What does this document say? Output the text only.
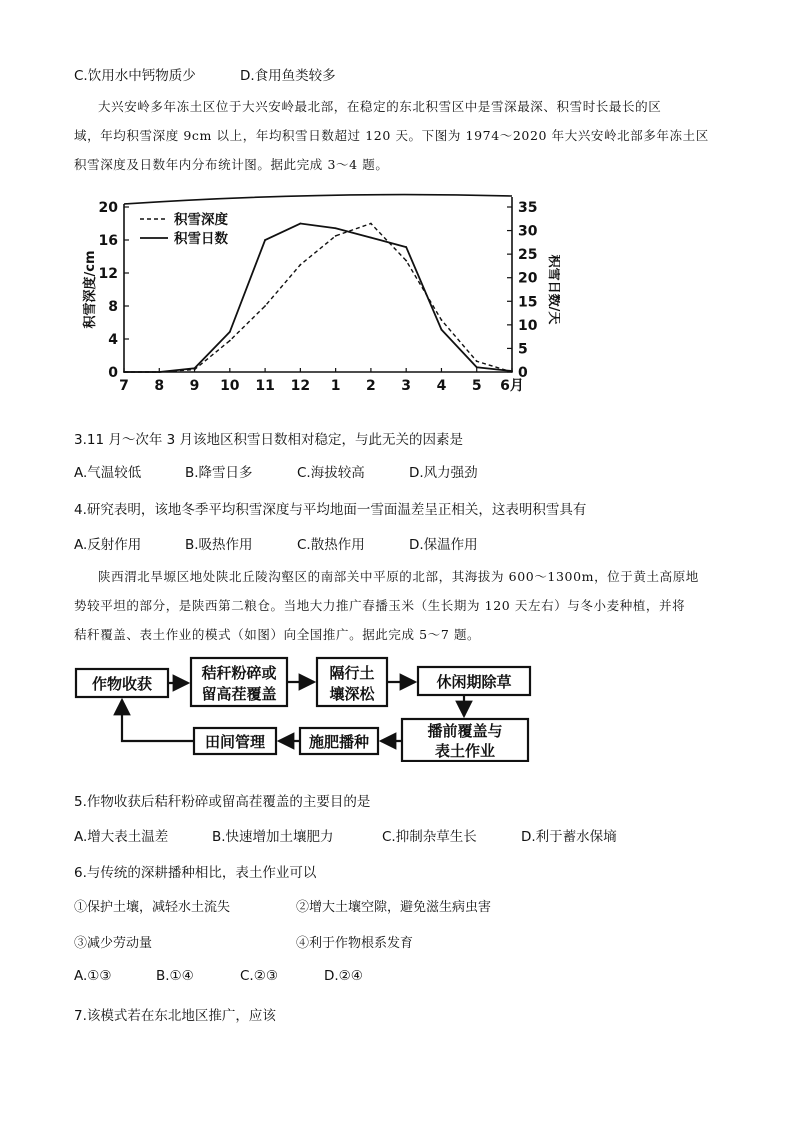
C.饮用水中钙物质少	D.食用鱼类较多
大兴安岭多年冻土区位于大兴安岭最北部，在稳定的东北积雪区中是雪深最深、积雪时长最长的区
域，年均积雪深度 9cm 以上，年均积雪日数超过 120 天。下图为 1974～2020 年大兴安岭北部多年冻土区
积雪深度及日数年内分布统计图。据此完成 3～4 题。
0
4
8
12
16
20
0
5
10
15
20
25
30
35
7 8 9 10 11 12 1 2 3 4 5 6月
积雪深度/cm	积雪日数/天
积雪深度
积雪日数
3.11 月～次年 3 月该地区积雪日数相对稳定，与此无关的因素是
A.气温较低	B.降雪日多	C.海拔较高	D.风力强劲
4.研究表明，该地冬季平均积雪深度与平均地面一雪面温差呈正相关，这表明积雪具有
A.反射作用	B.吸热作用	C.散热作用	D.保温作用
陕西渭北旱塬区地处陕北丘陵沟壑区的南部关中平原的北部，其海拔为 600～1300m，位于黄土高原地
势较平坦的部分，是陕西第二粮仓。当地大力推广春播玉米（生长期为 120 天左右）与冬小麦种植，并将
秸秆覆盖、表土作业的模式（如图）向全国推广。据此完成 5～7 题。
作物收获
秸秆粉碎或
留高茬覆盖
隔行土
壤深松
休闲期除草
播前覆盖与
表土作业
施肥播种
田间管理
5.作物收获后秸秆粉碎或留高茬覆盖的主要目的是
A.增大表土温差	B.快速增加土壤肥力	C.抑制杂草生长	D.利于蓄水保墒
6.与传统的深耕播种相比，表土作业可以
①保护土壤，减轻水土流失	②增大土壤空隙，避免滋生病虫害
③减少劳动量	④利于作物根系发育
A.①③	B.①④	C.②③	D.②④
7.该模式若在东北地区推广，应该
